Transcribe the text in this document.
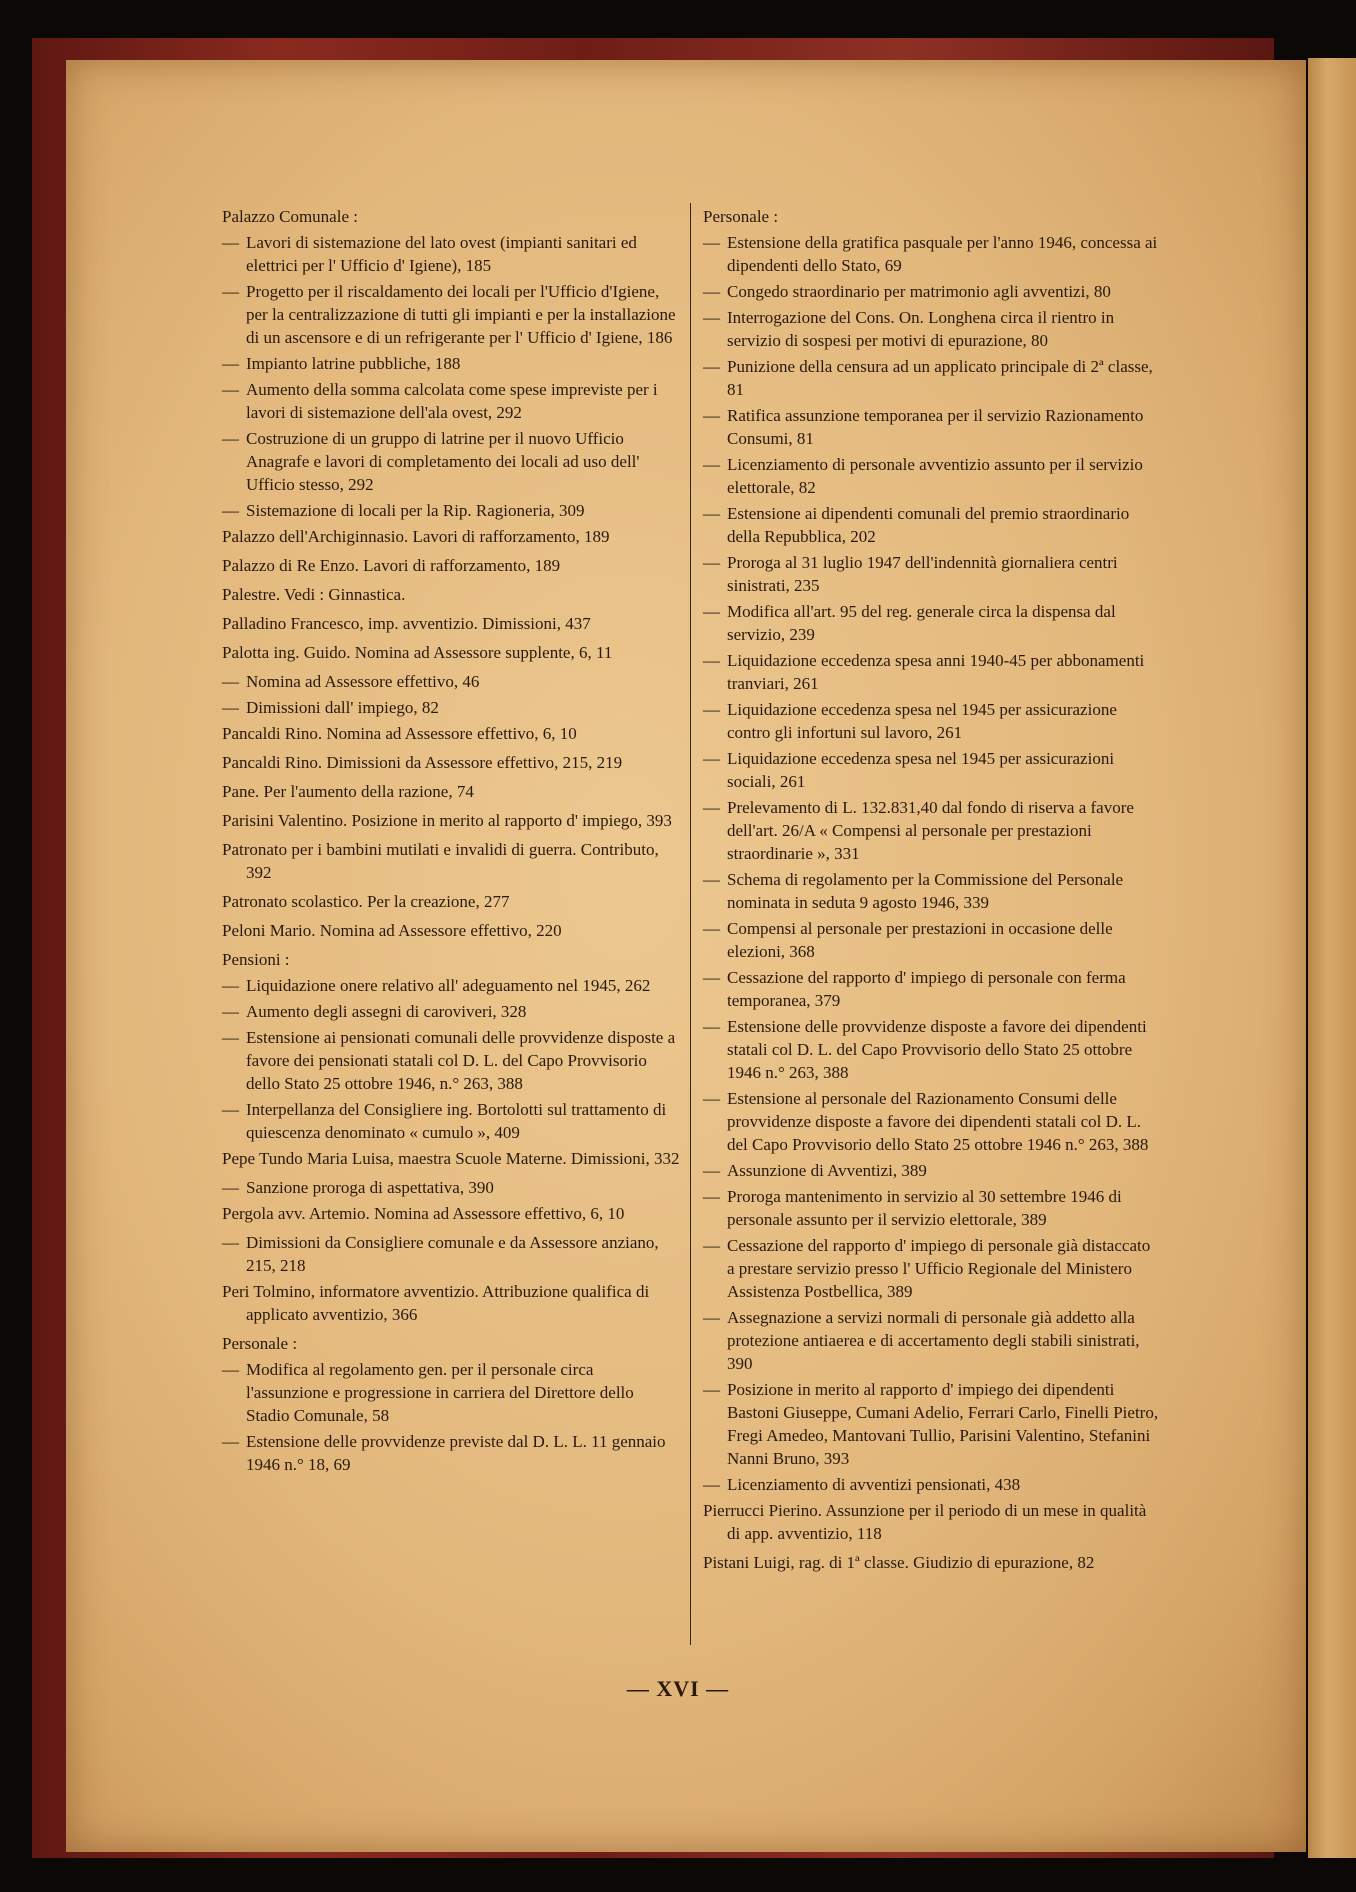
Palazzo Comunale :
— Lavori di sistemazione del lato ovest (impianti sanitari ed elettrici per l' Ufficio d' Igiene), 185
— Progetto per il riscaldamento dei locali per l'Ufficio d'Igiene, per la centralizzazione di tutti gli impianti e per la installazione di un ascensore e di un refrigerante per l' Ufficio d' Igiene, 186
— Impianto latrine pubbliche, 188
— Aumento della somma calcolata come spese impreviste per i lavori di sistemazione dell'ala ovest, 292
— Costruzione di un gruppo di latrine per il nuovo Ufficio Anagrafe e lavori di completamento dei locali ad uso dell' Ufficio stesso, 292
— Sistemazione di locali per la Rip. Ragioneria, 309
Palazzo dell'Archiginnasio. Lavori di rafforzamento, 189
Palazzo di Re Enzo. Lavori di rafforzamento, 189
Palestre. Vedi : Ginnastica.
Palladino Francesco, imp. avventizio. Dimissioni, 437
Palotta ing. Guido. Nomina ad Assessore supplente, 6, 11
— Nomina ad Assessore effettivo, 46
— Dimissioni dall' impiego, 82
Pancaldi Rino. Nomina ad Assessore effettivo, 6, 10
Pancaldi Rino. Dimissioni da Assessore effettivo, 215, 219
Pane. Per l'aumento della razione, 74
Parisini Valentino. Posizione in merito al rapporto d' impiego, 393
Patronato per i bambini mutilati e invalidi di guerra. Contributo, 392
Patronato scolastico. Per la creazione, 277
Peloni Mario. Nomina ad Assessore effettivo, 220
Pensioni :
— Liquidazione onere relativo all' adeguamento nel 1945, 262
— Aumento degli assegni di caroviveri, 328
— Estensione ai pensionati comunali delle provvidenze disposte a favore dei pensionati statali col D. L. del Capo Provvisorio dello Stato 25 ottobre 1946, n.° 263, 388
— Interpellanza del Consigliere ing. Bortolotti sul trattamento di quiescenza denominato « cumulo », 409
Pepe Tundo Maria Luisa, maestra Scuole Materne. Dimissioni, 332
— Sanzione proroga di aspettativa, 390
Pergola avv. Artemio. Nomina ad Assessore effettivo, 6, 10
— Dimissioni da Consigliere comunale e da Assessore anziano, 215, 218
Peri Tolmino, informatore avventizio. Attribuzione qualifica di applicato avventizio, 366
Personale :
— Modifica al regolamento gen. per il personale circa l'assunzione e progressione in carriera del Direttore dello Stadio Comunale, 58
— Estensione delle provvidenze previste dal D. L. L. 11 gennaio 1946 n.° 18, 69
Personale :
— Estensione della gratifica pasquale per l'anno 1946, concessa ai dipendenti dello Stato, 69
— Congedo straordinario per matrimonio agli avventizi, 80
— Interrogazione del Cons. On. Longhena circa il rientro in servizio di sospesi per motivi di epurazione, 80
— Punizione della censura ad un applicato principale di 2ª classe, 81
— Ratifica assunzione temporanea per il servizio Razionamento Consumi, 81
— Licenziamento di personale avventizio assunto per il servizio elettorale, 82
— Estensione ai dipendenti comunali del premio straordinario della Repubblica, 202
— Proroga al 31 luglio 1947 dell'indennità giornaliera centri sinistrati, 235
— Modifica all'art. 95 del reg. generale circa la dispensa dal servizio, 239
— Liquidazione eccedenza spesa anni 1940-45 per abbonamenti tranviari, 261
— Liquidazione eccedenza spesa nel 1945 per assicurazione contro gli infortuni sul lavoro, 261
— Liquidazione eccedenza spesa nel 1945 per assicurazioni sociali, 261
— Prelevamento di L. 132.831,40 dal fondo di riserva a favore dell'art. 26/A « Compensi al personale per prestazioni straordinarie », 331
— Schema di regolamento per la Commissione del Personale nominata in seduta 9 agosto 1946, 339
— Compensi al personale per prestazioni in occasione delle elezioni, 368
— Cessazione del rapporto d' impiego di personale con ferma temporanea, 379
— Estensione delle provvidenze disposte a favore dei dipendenti statali col D. L. del Capo Provvisorio dello Stato 25 ottobre 1946 n.° 263, 388
— Estensione al personale del Razionamento Consumi delle provvidenze disposte a favore dei dipendenti statali col D. L. del Capo Provvisorio dello Stato 25 ottobre 1946 n.° 263, 388
— Assunzione di Avventizi, 389
— Proroga mantenimento in servizio al 30 settembre 1946 di personale assunto per il servizio elettorale, 389
— Cessazione del rapporto d' impiego di personale già distaccato a prestare servizio presso l' Ufficio Regionale del Ministero Assistenza Postbellica, 389
— Assegnazione a servizi normali di personale già addetto alla protezione antiaerea e di accertamento degli stabili sinistrati, 390
— Posizione in merito al rapporto d' impiego dei dipendenti Bastoni Giuseppe, Cumani Adelio, Ferrari Carlo, Finelli Pietro, Fregi Amedeo, Mantovani Tullio, Parisini Valentino, Stefanini Nanni Bruno, 393
— Licenziamento di avventizi pensionati, 438
Pierrucci Pierino. Assunzione per il periodo di un mese in qualità di app. avventizio, 118
Pistani Luigi, rag. di 1ª classe. Giudizio di epurazione, 82
— XVI —
